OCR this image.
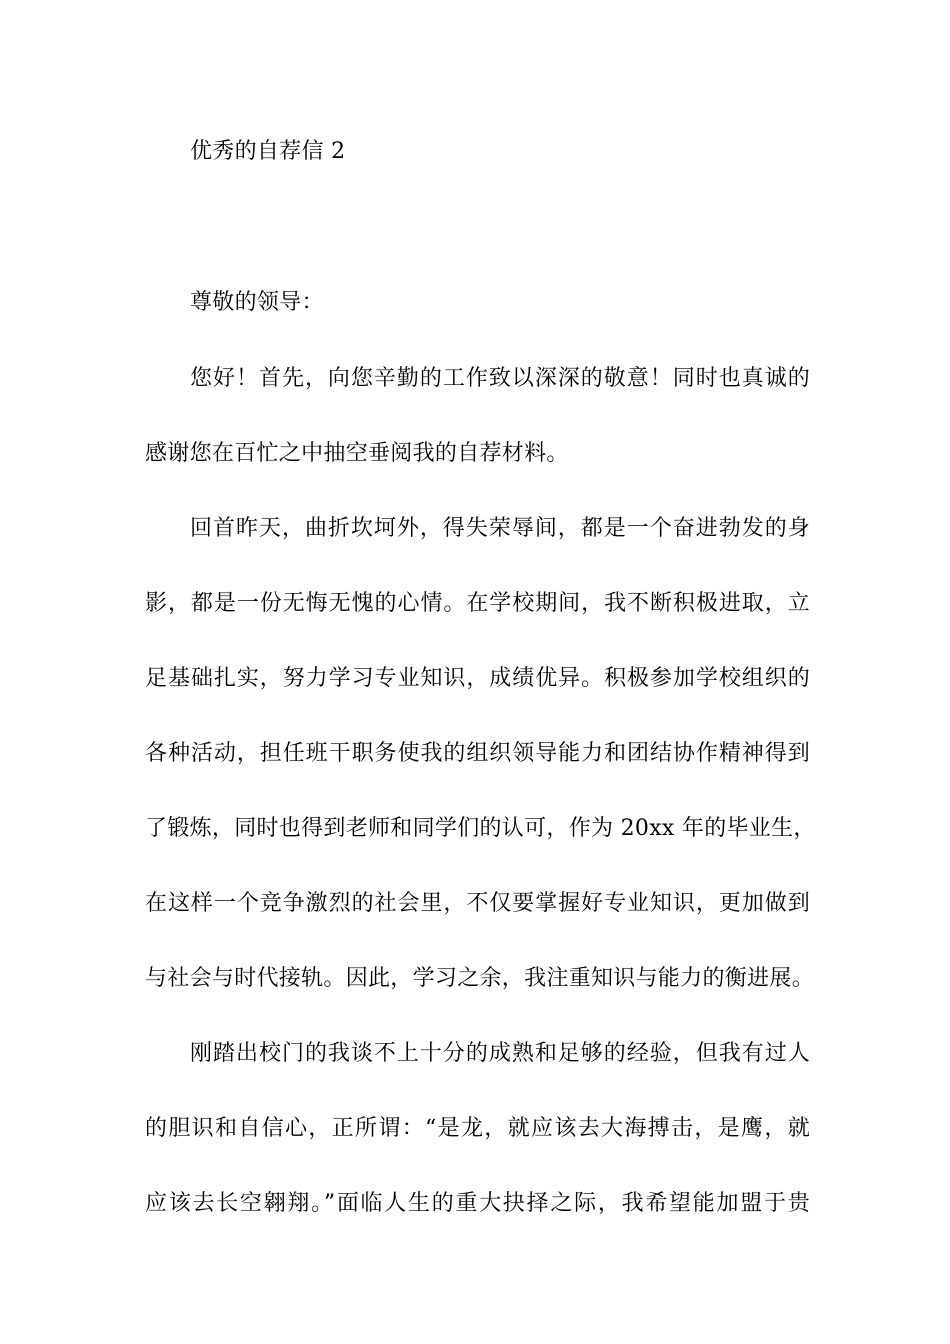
优秀的自荐信 2
尊敬的领导：
您好！首先，向您辛勤的工作致以深深的敬意！同时也真诚的
感谢您在百忙之中抽空垂阅我的自荐材料。
回首昨天，曲折坎坷外，得失荣辱间，都是一个奋进勃发的身
影，都是一份无悔无愧的心情。在学校期间，我不断积极进取，立
足基础扎实，努力学习专业知识，成绩优异。积极参加学校组织的
各种活动，担任班干职务使我的组织领导能力和团结协作精神得到
了锻炼，同时也得到老师和同学们的认可，作为 20xx 年的毕业生，
在这样一个竞争激烈的社会里，不仅要掌握好专业知识，更加做到
与社会与时代接轨。因此，学习之余，我注重知识与能力的衡进展。
刚踏出校门的我谈不上十分的成熟和足够的经验，但我有过人
的胆识和自信心，正所谓：“是龙，就应该去大海搏击，是鹰，就
应该去长空翱翔。”面临人生的重大抉择之际，我希望能加盟于贵
